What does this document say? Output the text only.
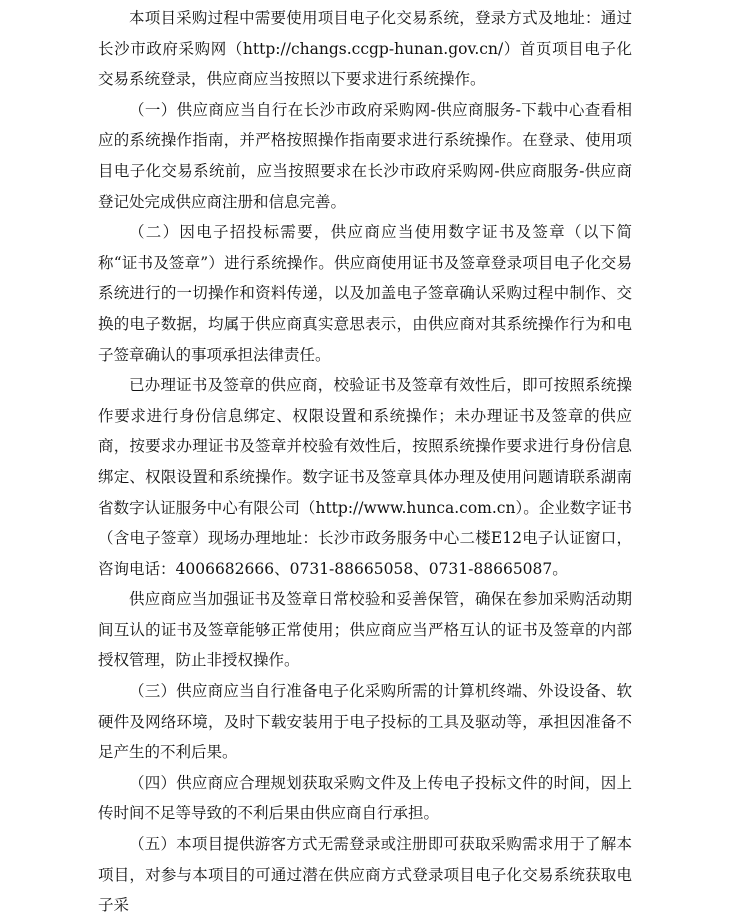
本项目采购过程中需要使用项目电子化交易系统，登录方式及地址：通过长沙市政府采购网（http://changs.ccgp-hunan.gov.cn/）首页项目电子化交易系统登录，供应商应当按照以下要求进行系统操作。

（一）供应商应当自行在长沙市政府采购网-供应商服务-下载中心查看相应的系统操作指南，并严格按照操作指南要求进行系统操作。在登录、使用项目电子化交易系统前，应当按照要求在长沙市政府采购网-供应商服务-供应商登记处完成供应商注册和信息完善。

（二）因电子招投标需要，供应商应当使用数字证书及签章（以下简称“证书及签章”）进行系统操作。供应商使用证书及签章登录项目电子化交易系统进行的一切操作和资料传递，以及加盖电子签章确认采购过程中制作、交换的电子数据，均属于供应商真实意思表示，由供应商对其系统操作行为和电子签章确认的事项承担法律责任。

已办理证书及签章的供应商，校验证书及签章有效性后，即可按照系统操作要求进行身份信息绑定、权限设置和系统操作；未办理证书及签章的供应商，按要求办理证书及签章并校验有效性后，按照系统操作要求进行身份信息绑定、权限设置和系统操作。数字证书及签章具体办理及使用问题请联系湖南省数字认证服务中心有限公司（http://www.hunca.com.cn）。企业数字证书（含电子签章）现场办理地址：长沙市政务服务中心二楼E12电子认证窗口，咨询电话：4006682666、0731-88665058、0731-88665087。

供应商应当加强证书及签章日常校验和妥善保管，确保在参加采购活动期间互认的证书及签章能够正常使用；供应商应当严格互认的证书及签章的内部授权管理，防止非授权操作。

（三）供应商应当自行准备电子化采购所需的计算机终端、外设设备、软硬件及网络环境，及时下载安装用于电子投标的工具及驱动等，承担因准备不足产生的不利后果。

（四）供应商应合理规划获取采购文件及上传电子投标文件的时间，因上传时间不足等导致的不利后果由供应商自行承担。

（五）本项目提供游客方式无需登录或注册即可获取采购需求用于了解本项目，对参与本项目的可通过潜在供应商方式登录项目电子化交易系统获取电子采
